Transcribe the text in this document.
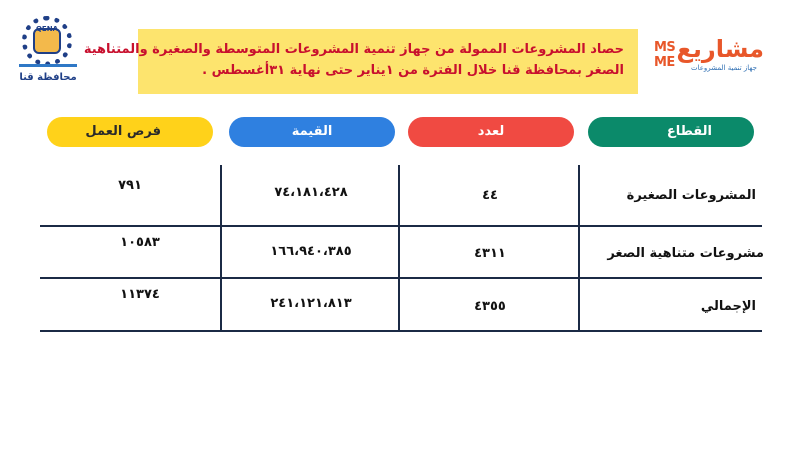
QENA
محافظة قنا
حصاد المشروعات الممولة من جهاز تنمية المشروعات المتوسطة والصغيرة والمتناهية
الصغر بمحافظة قنا خلال الفترة من ١يناير حتى نهاية ٣١أغسطس .
MS
ME مشاريع
جهاز تنمية المشروعات
القطاع
لعدد
القيمة
فرص العمل
المشروعات الصغيرة
٤٤
٧٤،١٨١،٤٢٨
٧٩١
مشروعات متناهية الصغر
٤٣١١
١٦٦،٩٤٠،٣٨٥
١٠٥٨٣
الإجمالي
٤٣٥٥
٢٤١،١٢١،٨١٣
١١٣٧٤
